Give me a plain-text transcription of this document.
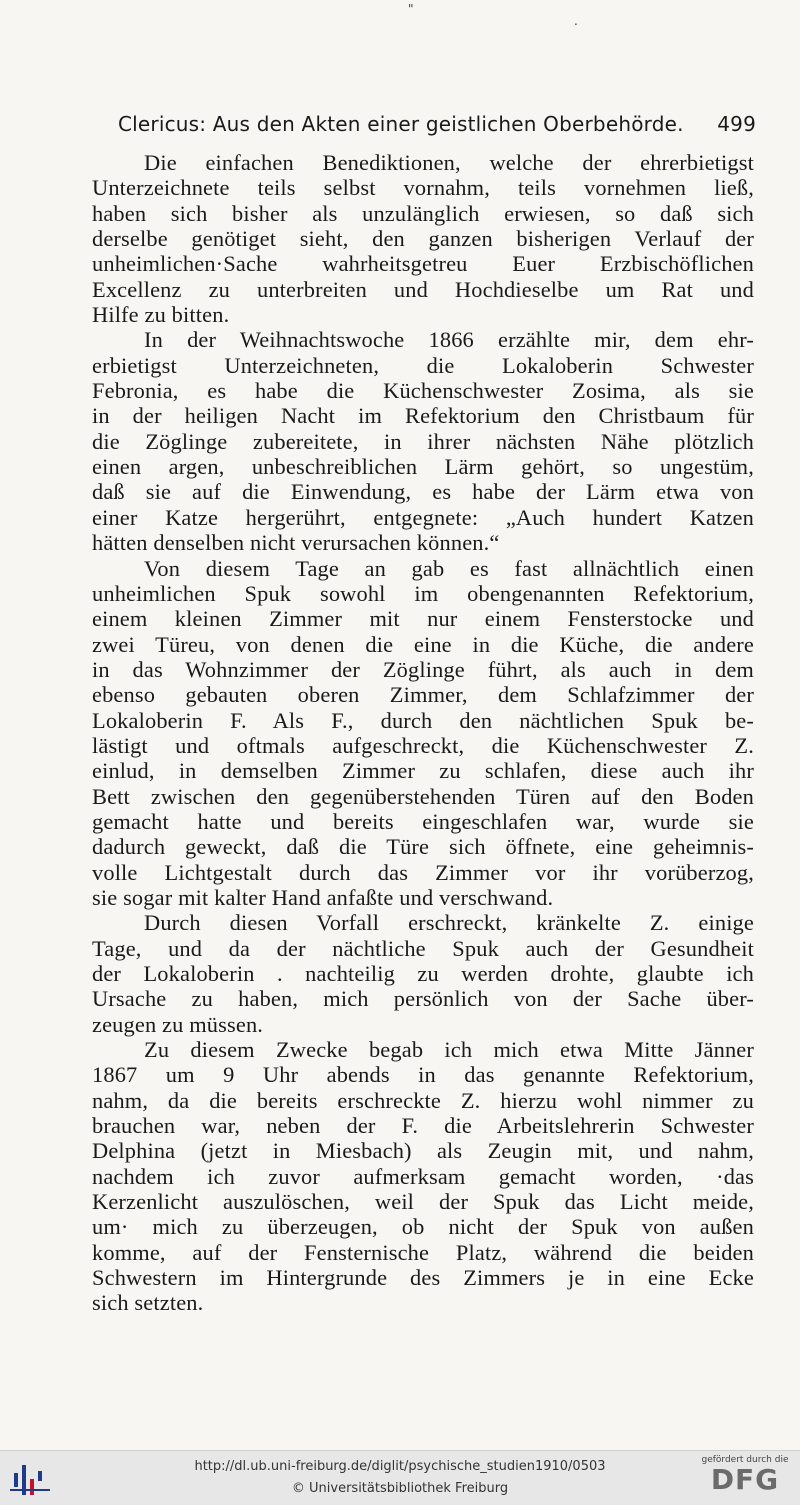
"
.
Clericus: Aus den Akten einer geistlichen Oberbehörde. 499
Die einfachen Benediktionen, welche der ehrerbietigst
Unterzeichnete teils selbst vornahm, teils vornehmen ließ,
haben sich bisher als unzulänglich erwiesen, so daß sich
derselbe genötiget sieht, den ganzen bisherigen Verlauf der
unheimlichen·Sache wahrheitsgetreu Euer Erzbischöflichen
Excellenz zu unterbreiten und Hochdieselbe um Rat und
Hilfe zu bitten.
In der Weihnachtswoche 1866 erzählte mir, dem ehr-
erbietigst Unterzeichneten, die Lokaloberin Schwester
Febronia, es habe die Küchenschwester Zosima, als sie
in der heiligen Nacht im Refektorium den Christbaum für
die Zöglinge zubereitete, in ihrer nächsten Nähe plötzlich
einen argen, unbeschreiblichen Lärm gehört, so ungestüm,
daß sie auf die Einwendung, es habe der Lärm etwa von
einer Katze hergerührt, entgegnete: „Auch hundert Katzen
hätten denselben nicht verursachen können.“
Von diesem Tage an gab es fast allnächtlich einen
unheimlichen Spuk sowohl im obengenannten Refektorium,
einem kleinen Zimmer mit nur einem Fensterstocke und
zwei Türeu, von denen die eine in die Küche, die andere
in das Wohnzimmer der Zöglinge führt, als auch in dem
ebenso gebauten oberen Zimmer, dem Schlafzimmer der
Lokaloberin F. Als F., durch den nächtlichen Spuk be-
lästigt und oftmals aufgeschreckt, die Küchenschwester Z.
einlud, in demselben Zimmer zu schlafen, diese auch ihr
Bett zwischen den gegenüberstehenden Türen auf den Boden
gemacht hatte und bereits eingeschlafen war, wurde sie
dadurch geweckt, daß die Türe sich öffnete, eine geheimnis-
volle Lichtgestalt durch das Zimmer vor ihr vorüberzog,
sie sogar mit kalter Hand anfaßte und verschwand.
Durch diesen Vorfall erschreckt, kränkelte Z. einige
Tage, und da der nächtliche Spuk auch der Gesundheit
der Lokaloberin . nachteilig zu werden drohte, glaubte ich
Ursache zu haben, mich persönlich von der Sache über-
zeugen zu müssen.
Zu diesem Zwecke begab ich mich etwa Mitte Jänner
1867 um 9 Uhr abends in das genannte Refektorium,
nahm, da die bereits erschreckte Z. hierzu wohl nimmer zu
brauchen war, neben der F. die Arbeitslehrerin Schwester
Delphina (jetzt in Miesbach) als Zeugin mit, und nahm,
nachdem ich zuvor aufmerksam gemacht worden, ·das
Kerzenlicht auszulöschen, weil der Spuk das Licht meide,
um· mich zu überzeugen, ob nicht der Spuk von außen
komme, auf der Fensternische Platz, während die beiden
Schwestern im Hintergrunde des Zimmers je in eine Ecke
sich setzten.
http://dl.ub.uni-freiburg.de/diglit/psychische_studien1910/0503
© Universitätsbibliothek Freiburg
gefördert durch die
DFG
